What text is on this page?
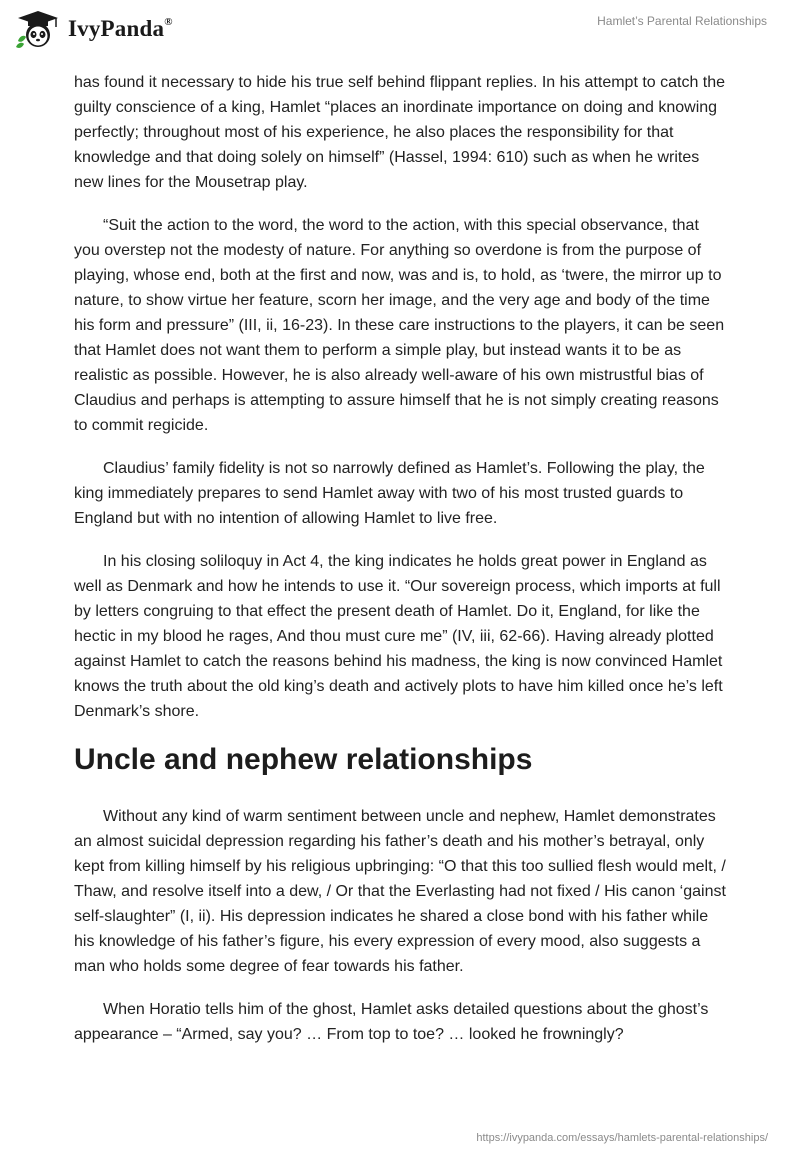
IvyPanda®	Hamlet’s Parental Relationships

has found it necessary to hide his true self behind flippant replies. In his attempt to catch the guilty conscience of a king, Hamlet “places an inordinate importance on doing and knowing perfectly; throughout most of his experience, he also places the responsibility for that knowledge and that doing solely on himself” (Hassel, 1994: 610) such as when he writes new lines for the Mousetrap play.

“Suit the action to the word, the word to the action, with this special observance, that you overstep not the modesty of nature. For anything so overdone is from the purpose of playing, whose end, both at the first and now, was and is, to hold, as ‘twere, the mirror up to nature, to show virtue her feature, scorn her image, and the very age and body of the time his form and pressure” (III, ii, 16-23). In these care instructions to the players, it can be seen that Hamlet does not want them to perform a simple play, but instead wants it to be as realistic as possible. However, he is also already well-aware of his own mistrustful bias of Claudius and perhaps is attempting to assure himself that he is not simply creating reasons to commit regicide.

Claudius’ family fidelity is not so narrowly defined as Hamlet’s. Following the play, the king immediately prepares to send Hamlet away with two of his most trusted guards to England but with no intention of allowing Hamlet to live free.

In his closing soliloquy in Act 4, the king indicates he holds great power in England as well as Denmark and how he intends to use it. “Our sovereign process, which imports at full by letters congruing to that effect the present death of Hamlet. Do it, England, for like the hectic in my blood he rages, And thou must cure me” (IV, iii, 62-66). Having already plotted against Hamlet to catch the reasons behind his madness, the king is now convinced Hamlet knows the truth about the old king’s death and actively plots to have him killed once he’s left Denmark’s shore.

Uncle and nephew relationships

Without any kind of warm sentiment between uncle and nephew, Hamlet demonstrates an almost suicidal depression regarding his father’s death and his mother’s betrayal, only kept from killing himself by his religious upbringing: “O that this too sullied flesh would melt, / Thaw, and resolve itself into a dew, / Or that the Everlasting had not fixed / His canon ‘gainst self-slaughter” (I, ii). His depression indicates he shared a close bond with his father while his knowledge of his father’s figure, his every expression of every mood, also suggests a man who holds some degree of fear towards his father.

When Horatio tells him of the ghost, Hamlet asks detailed questions about the ghost’s appearance – “Armed, say you? … From top to toe? … looked he frowningly?

https://ivypanda.com/essays/hamlets-parental-relationships/
